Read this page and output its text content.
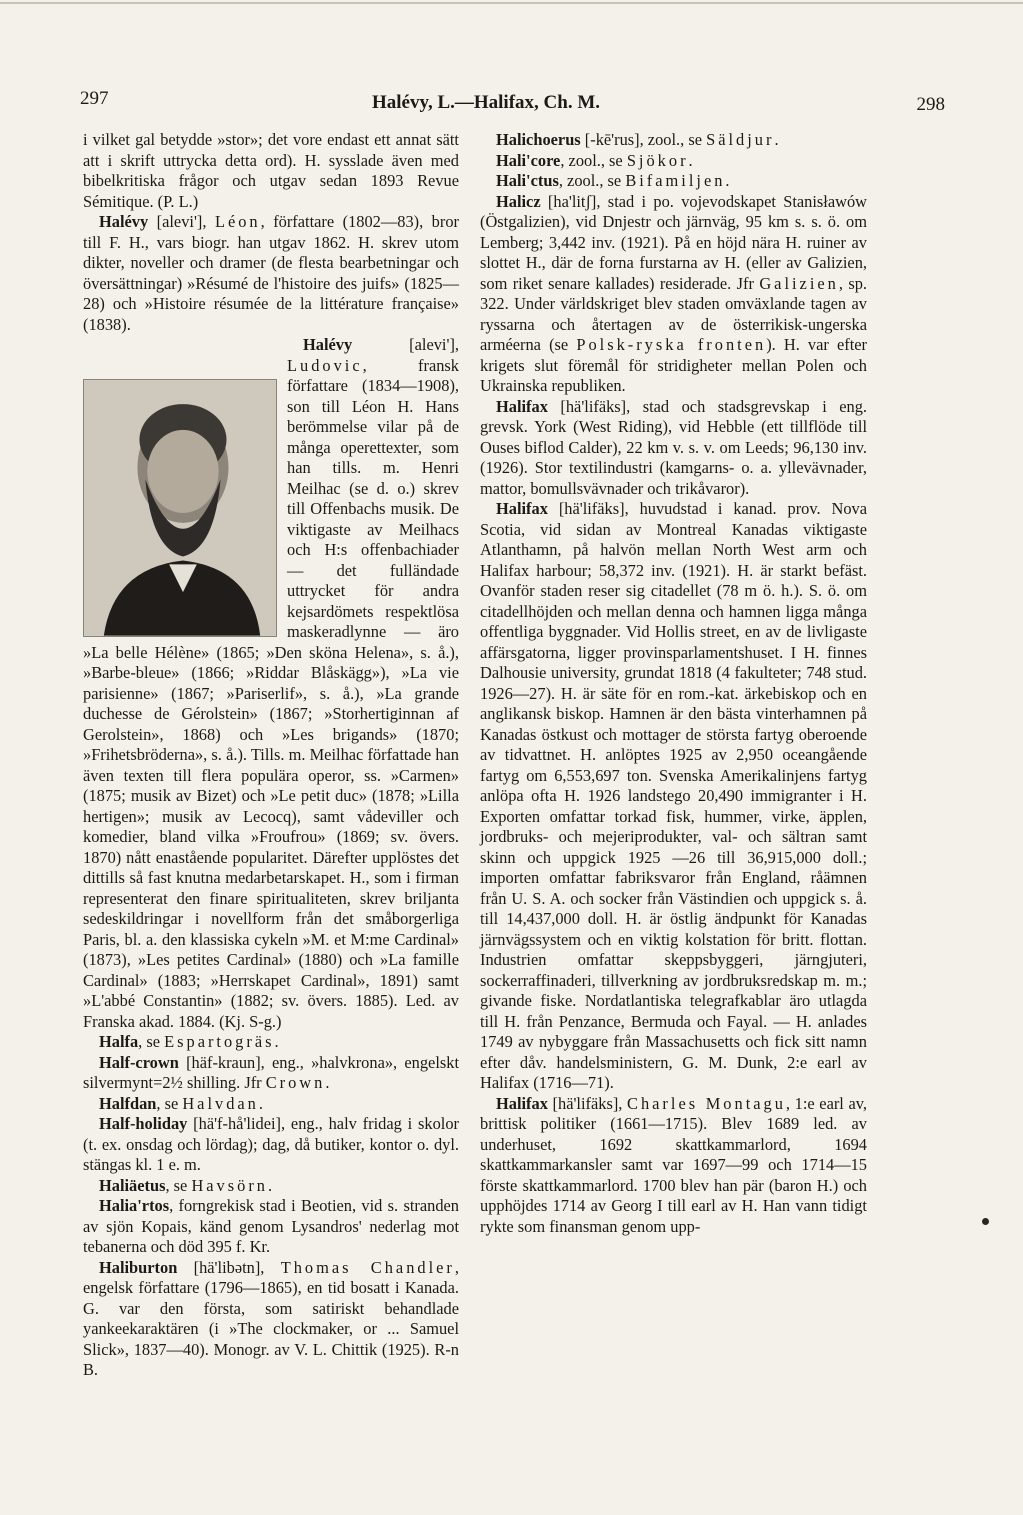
297	Halévy, L.—Halifax, Ch. M.	298

i vilket gal betydde »stor»; det vore endast ett annat sätt att i skrift uttrycka detta ord). H. sysslade även med bibelkritiska frågor och utgav sedan 1893 Revue Sémitique. (P. L.)

Halévy [alevi'], Léon, författare (1802—83), bror till F. H., vars biogr. han utgav 1862. H. skrev utom dikter, noveller och dramer (de flesta bearbetningar och översättningar) »Résumé de l'histoire des juifs» (1825—28) och »Histoire résumée de la littérature française» (1838).

Halévy [alevi'], Ludovic, fransk författare (1834—1908), son till Léon H. Hans berömmelse vilar på de många operettexter, som han tills. m. Henri Meilhac (se d. o.) skrev till Offenbachs musik. De viktigaste av Meilhacs och H:s offenbachiader — det fulländade uttrycket för andra kejsardömets respektlösa maskeradlynne — äro »La belle Hélène» (1865; »Den sköna Helena», s. å.), »Barbe-bleue» (1866; »Riddar Blåskägg»), »La vie parisienne» (1867; »Pariserlif», s. å.), »La grande duchesse de Gérolstein» (1867; »Storhertiginnan af Gerolstein», 1868) och »Les brigands» (1870; »Frihetsbröderna», s. å.). Tills. m. Meilhac författade han även texten till flera populära operor, ss. »Carmen» (1875; musik av Bizet) och »Le petit duc» (1878; »Lilla hertigen»; musik av Lecocq), samt vådeviller och komedier, bland vilka »Froufrou» (1869; sv. övers. 1870) nått enastående popularitet. Därefter upplöstes det dittills så fast knutna medarbetarskapet. H., som i firman representerat den finare spiritualiteten, skrev briljanta sedeskildringar i novellform från det småborgerliga Paris, bl. a. den klassiska cykeln »M. et M:me Cardinal» (1873), »Les petites Cardinal» (1880) och »La famille Cardinal» (1883; »Herrskapet Cardinal», 1891) samt »L'abbé Constantin» (1882; sv. övers. 1885). Led. av Franska akad. 1884. (Kj. S-g.)

Halfa, se Espartogräs.

Half-crown [häf-kraun], eng., »halvkrona», engelskt silvermynt=2½ shilling. Jfr Crown.

Halfdan, se Halvdan.

Half-holiday [hä'f-hå'lidei], eng., halv fridag i skolor (t. ex. onsdag och lördag); dag, då butiker, kontor o. dyl. stängas kl. 1 e. m.

Haliäetus, se Havsörn.

Halia'rtos, forngrekisk stad i Beotien, vid s. stranden av sjön Kopais, känd genom Lysandros' nederlag mot tebanerna och död 395 f. Kr.

Haliburton [hä'libətn], Thomas Chandler, engelsk författare (1796—1865), en tid bosatt i Kanada. G. var den första, som satiriskt behandlade yankeekaraktären (i »The clockmaker, or ... Samuel Slick», 1837—40). Monogr. av V. L. Chittik (1925). R-n B.

Halichoerus [-kē'rus], zool., se Säldjur.

Hali'core, zool., se Sjökor.

Hali'ctus, zool., se Bifamiljen.

Halicz [ha'litʃ], stad i po. vojevodskapet Stanisławów (Östgalizien), vid Dnjestr och järnväg, 95 km s. s. ö. om Lemberg; 3,442 inv. (1921). På en höjd nära H. ruiner av slottet H., där de forna furstarna av H. (eller av Galizien, som riket senare kallades) residerade. Jfr Galizien, sp. 322. Under världskriget blev staden omväxlande tagen av ryssarna och återtagen av de österrikisk-ungerska arméerna (se Polsk-ryska fronten). H. var efter krigets slut föremål för stridigheter mellan Polen och Ukrainska republiken.

Halifax [hä'lifäks], stad och stadsgrevskap i eng. grevsk. York (West Riding), vid Hebble (ett tillflöde till Ouses biflod Calder), 22 km v. s. v. om Leeds; 96,130 inv. (1926). Stor textilindustri (kamgarns- o. a. yllevävnader, mattor, bomullsvävnader och trikåvaror).

Halifax [hä'lifäks], huvudstad i kanad. prov. Nova Scotia, vid sidan av Montreal Kanadas viktigaste Atlanthamn, på halvön mellan North West arm och Halifax harbour; 58,372 inv. (1921). H. är starkt befäst. Ovanför staden reser sig citadellet (78 m ö. h.). S. ö. om citadellhöjden och mellan denna och hamnen ligga många offentliga byggnader. Vid Hollis street, en av de livligaste affärsgatorna, ligger provinsparlamentshuset. I H. finnes Dalhousie university, grundat 1818 (4 fakulteter; 748 stud. 1926—27). H. är säte för en rom.-kat. ärkebiskop och en anglikansk biskop. Hamnen är den bästa vinterhamnen på Kanadas östkust och mottager de största fartyg oberoende av tidvattnet. H. anlöptes 1925 av 2,950 oceangående fartyg om 6,553,697 ton. Svenska Amerikalinjens fartyg anlöpa ofta H. 1926 landstego 20,490 immigranter i H. Exporten omfattar torkad fisk, hummer, virke, äpplen, jordbruks- och mejeriprodukter, val- och sältran samt skinn och uppgick 1925 —26 till 36,915,000 doll.; importen omfattar fabriksvaror från England, råämnen från U. S. A. och socker från Västindien och uppgick s. å. till 14,437,000 doll. H. är östlig ändpunkt för Kanadas järnvägssystem och en viktig kolstation för britt. flottan. Industrien omfattar skeppsbyggeri, järngjuteri, sockerraffinaderi, tillverkning av jordbruksredskap m. m.; givande fiske. Nordatlantiska telegrafkablar äro utlagda till H. från Penzance, Bermuda och Fayal. — H. anlades 1749 av nybyggare från Massachusetts och fick sitt namn efter dåv. handelsministern, G. M. Dunk, 2:e earl av Halifax (1716—71).

Halifax [hä'lifäks], Charles Montagu, 1:e earl av, brittisk politiker (1661—1715). Blev 1689 led. av underhuset, 1692 skattkammarlord, 1694 skattkammarkansler samt var 1697—99 och 1714—15 förste skattkammarlord. 1700 blev han pär (baron H.) och upphöjdes 1714 av Georg I till earl av H. Han vann tidigt rykte som finansman genom upp-
